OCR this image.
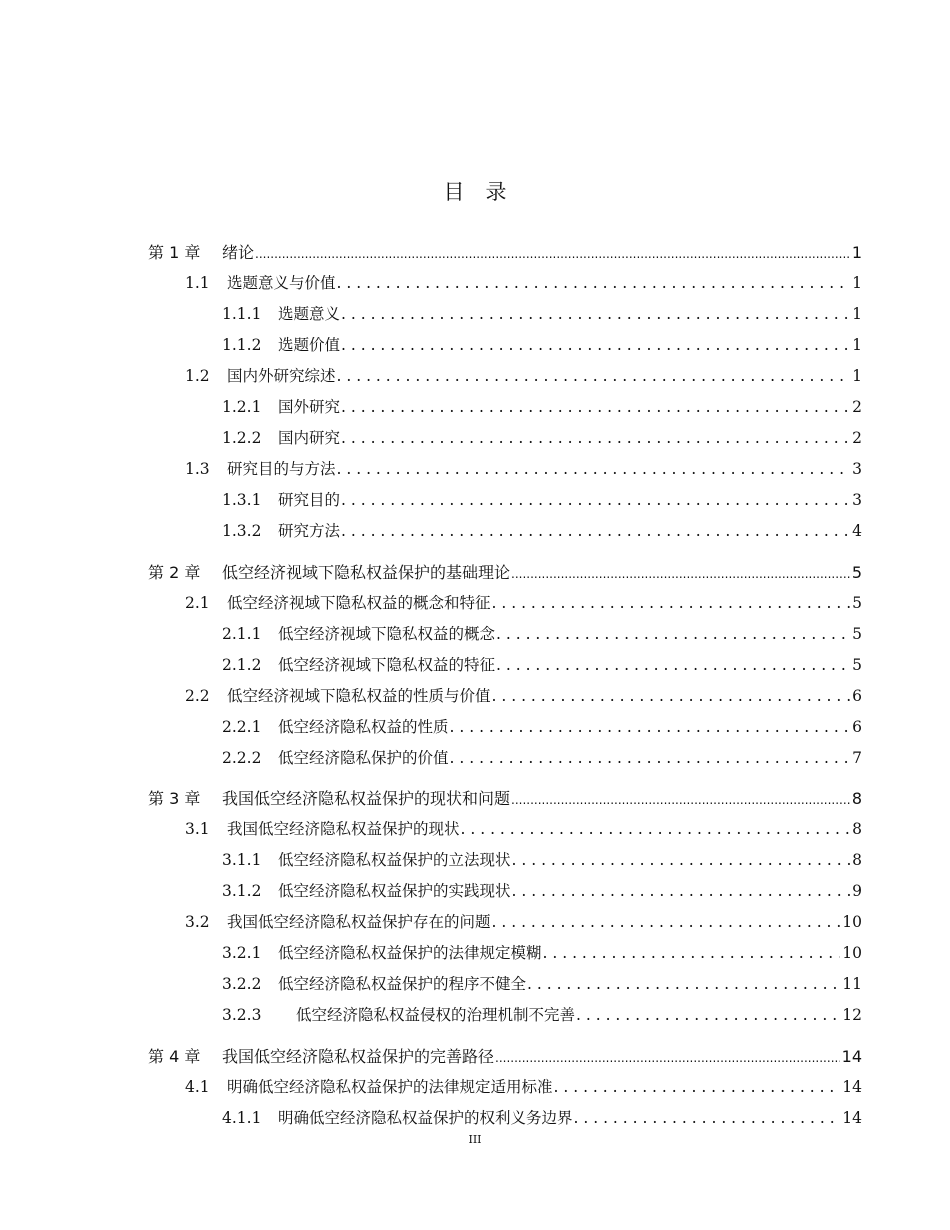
目　录
第 1 章	绪论 .....	1
1.1	选题意义与价值 . . .	1
1.1.1	选题意义 . . .	1
1.1.2	选题价值 . . .	1
1.2	国内外研究综述 . . .	1
1.2.1	国外研究 . . .	2
1.2.2	国内研究 . . .	2
1.3	研究目的与方法 . . .	3
1.3.1	研究目的 . . .	3
1.3.2	研究方法 . . .	4
第 2 章	低空经济视域下隐私权益保护的基础理论 .....	5
2.1	低空经济视域下隐私权益的概念和特征 . . .	5
2.1.1	低空经济视域下隐私权益的概念 . . .	5
2.1.2	低空经济视域下隐私权益的特征 . . .	5
2.2	低空经济视域下隐私权益的性质与价值 . . .	6
2.2.1	低空经济隐私权益的性质 . . .	6
2.2.2	低空经济隐私保护的价值 . . .	7
第 3 章	我国低空经济隐私权益保护的现状和问题 .....	8
3.1	我国低空经济隐私权益保护的现状 . . .	8
3.1.1	低空经济隐私权益保护的立法现状 . . .	8
3.1.2	低空经济隐私权益保护的实践现状 . . .	9
3.2	我国低空经济隐私权益保护存在的问题 . . .	10
3.2.1	低空经济隐私权益保护的法律规定模糊 . . .	10
3.2.2	低空经济隐私权益保护的程序不健全 . . .	11
3.2.3	低空经济隐私权益侵权的治理机制不完善 . . .	12
第 4 章	我国低空经济隐私权益保护的完善路径 .....	14
4.1	明确低空经济隐私权益保护的法律规定适用标准 . . .	14
4.1.1	明确低空经济隐私权益保护的权利义务边界 . . .	14
III
